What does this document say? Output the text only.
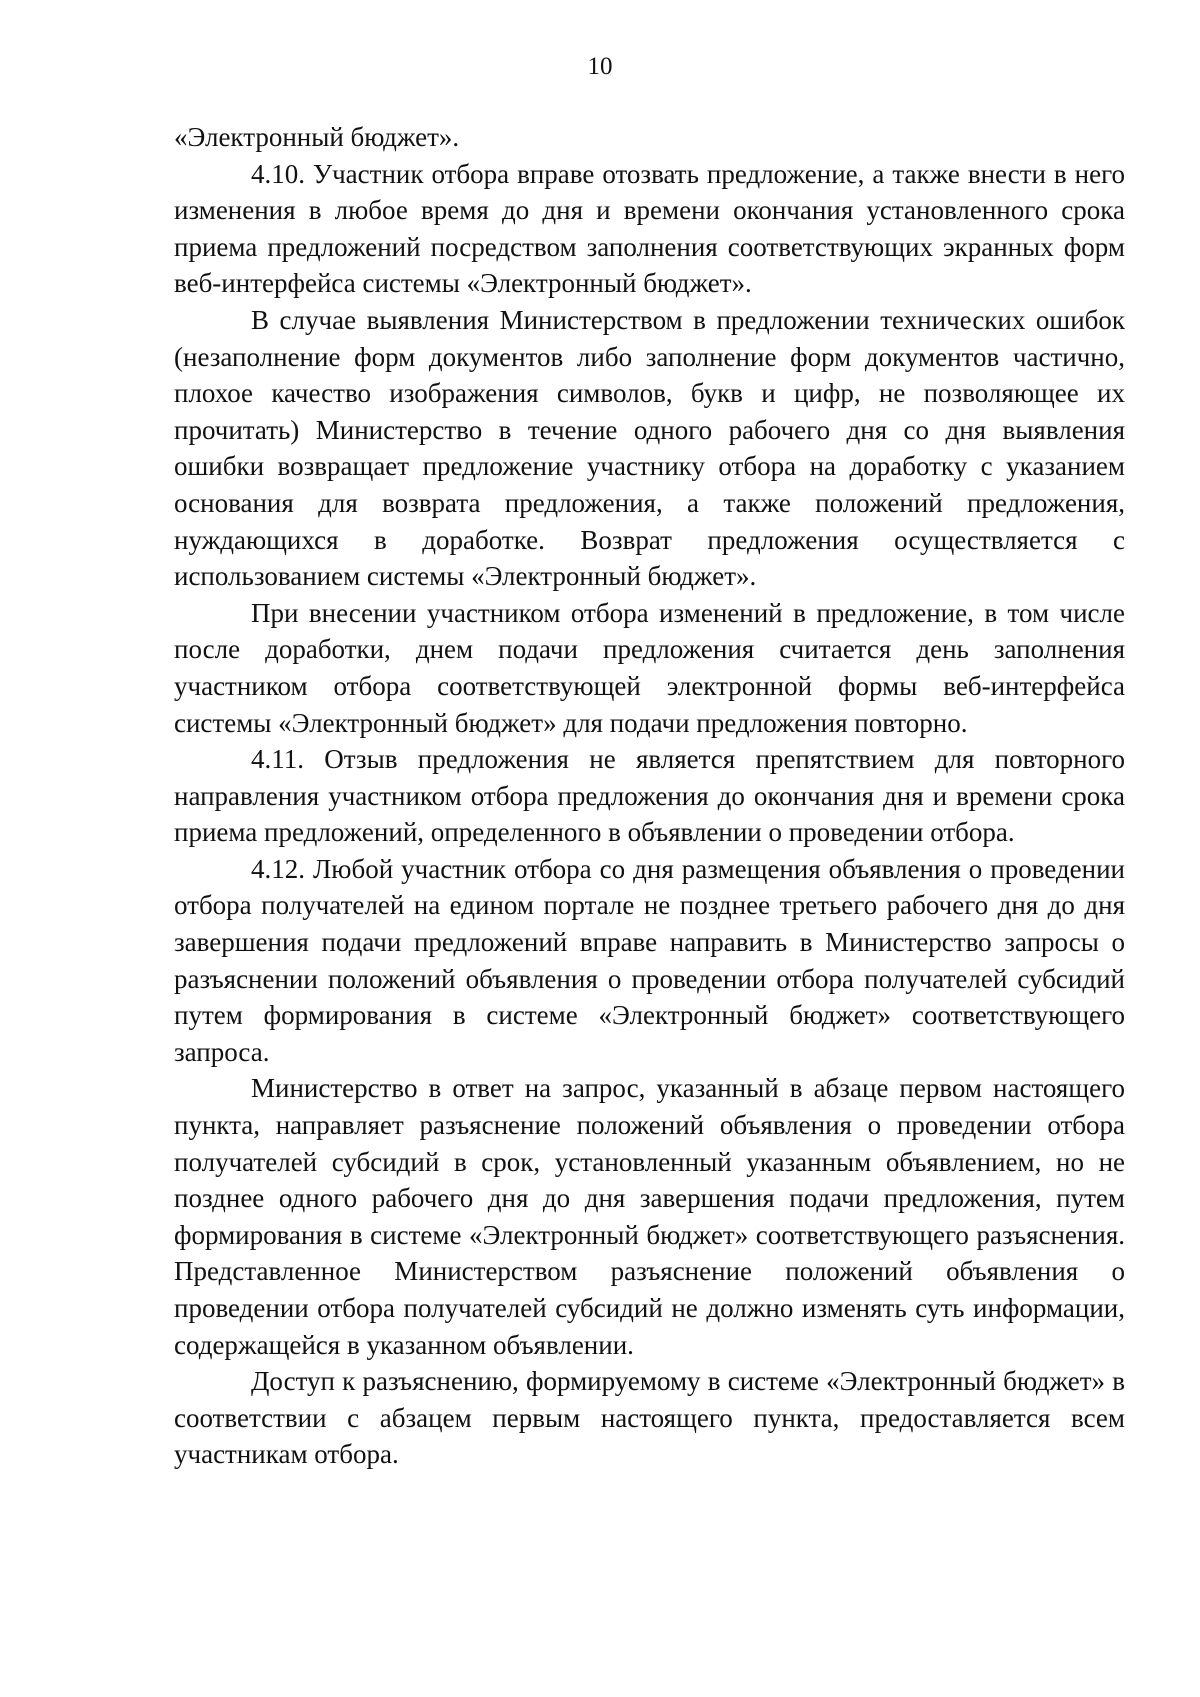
10

«Электронный бюджет».

4.10. Участник отбора вправе отозвать предложение, а также внести в него изменения в любое время до дня и времени окончания установленного срока приема предложений посредством заполнения соответствующих экранных форм веб-интерфейса системы «Электронный бюджет».

В случае выявления Министерством в предложении технических ошибок (незаполнение форм документов либо заполнение форм документов частично, плохое качество изображения символов, букв и цифр, не позволяющее их прочитать) Министерство в течение одного рабочего дня со дня выявления ошибки возвращает предложение участнику отбора на доработку с указанием основания для возврата предложения, а также положений предложения, нуждающихся в доработке. Возврат предложения осуществляется с использованием системы «Электронный бюджет».

При внесении участником отбора изменений в предложение, в том числе после доработки, днем подачи предложения считается день заполнения участником отбора соответствующей электронной формы веб-интерфейса системы «Электронный бюджет» для подачи предложения повторно.

4.11. Отзыв предложения не является препятствием для повторного направления участником отбора предложения до окончания дня и времени срока приема предложений, определенного в объявлении о проведении отбора.

4.12. Любой участник отбора со дня размещения объявления о проведении отбора получателей на едином портале не позднее третьего рабочего дня до дня завершения подачи предложений вправе направить в Министерство запросы о разъяснении положений объявления о проведении отбора получателей субсидий путем формирования в системе «Электронный бюджет» соответствующего запроса.

Министерство в ответ на запрос, указанный в абзаце первом настоящего пункта, направляет разъяснение положений объявления о проведении отбора получателей субсидий в срок, установленный указанным объявлением, но не позднее одного рабочего дня до дня завершения подачи предложения, путем формирования в системе «Электронный бюджет» соответствующего разъяснения. Представленное Министерством разъяснение положений объявления о проведении отбора получателей субсидий не должно изменять суть информации, содержащейся в указанном объявлении.

Доступ к разъяснению, формируемому в системе «Электронный бюджет» в соответствии с абзацем первым настоящего пункта, предоставляется всем участникам отбора.
